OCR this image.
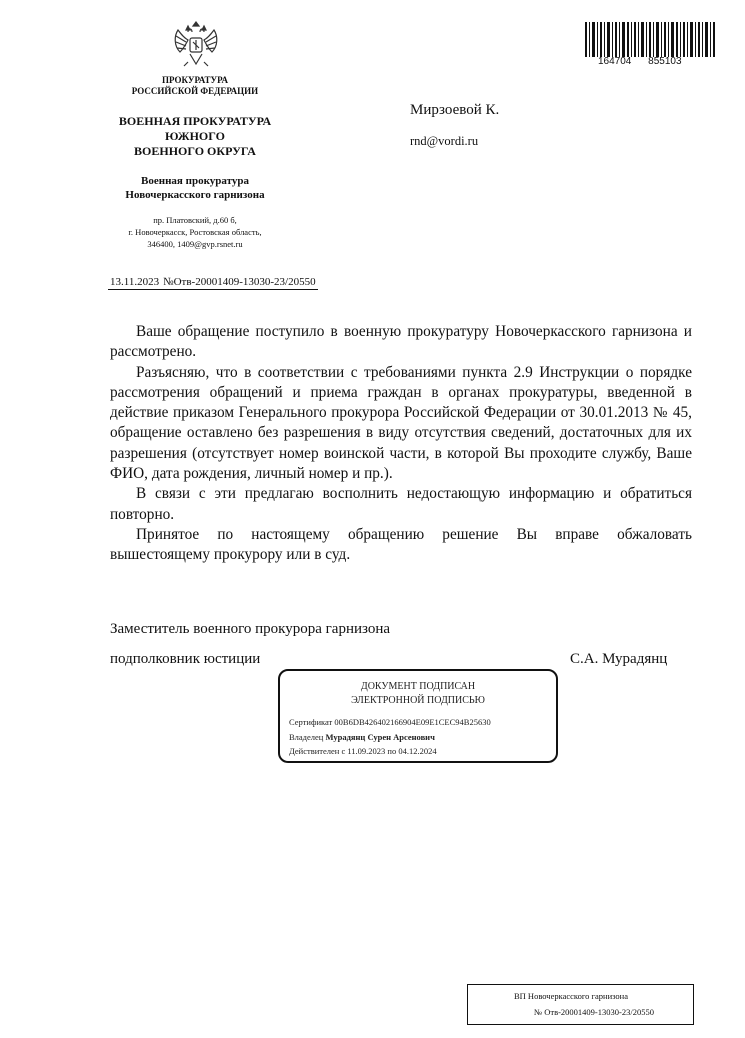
ПРОКУРАТУРА
РОССИЙСКОЙ ФЕДЕРАЦИИ
ВОЕННАЯ ПРОКУРАТУРА
ЮЖНОГО
ВОЕННОГО ОКРУГА
Военная прокуратура
Новочеркасского гарнизона
пр. Платовский, д.60 б,
г. Новочеркасск, Ростовская область,
346400, 1409@gvp.rsnet.ru
13.11.2023 №Отв-20001409-13030-23/20550
164704 855103
Мирзоевой К.
rnd@vordi.ru

Ваше обращение поступило в военную прокуратуру Новочеркасского гарнизона и рассмотрено.

Разъясняю, что в соответствии с требованиями пункта 2.9 Инструкции о порядке рассмотрения обращений и приема граждан в органах прокуратуры, введенной в действие приказом Генерального прокурора Российской Федерации от 30.01.2013 № 45, обращение оставлено без разрешения в виду отсутствия сведений, достаточных для их разрешения (отсутствует номер воинской части, в которой Вы проходите службу, Ваше ФИО, дата рождения, личный номер и пр.).

В связи с эти предлагаю восполнить недостающую информацию и обратиться повторно.

Принятое по настоящему обращению решение Вы вправе обжаловать вышестоящему прокурору или в суд.

Заместитель военного прокурора гарнизона
подполковник юстиции	С.А. Мурадянц
ДОКУМЕНТ ПОДПИСАН
ЭЛЕКТРОННОЙ ПОДПИСЬЮ
Сертификат 00B6DB426402166904E09E1CEC94B25630
Владелец Мурадянц Сурен Арсенович
Действителен с 11.09.2023 по 04.12.2024
ВП Новочеркасского гарнизона
№ Отв-20001409-13030-23/20550
